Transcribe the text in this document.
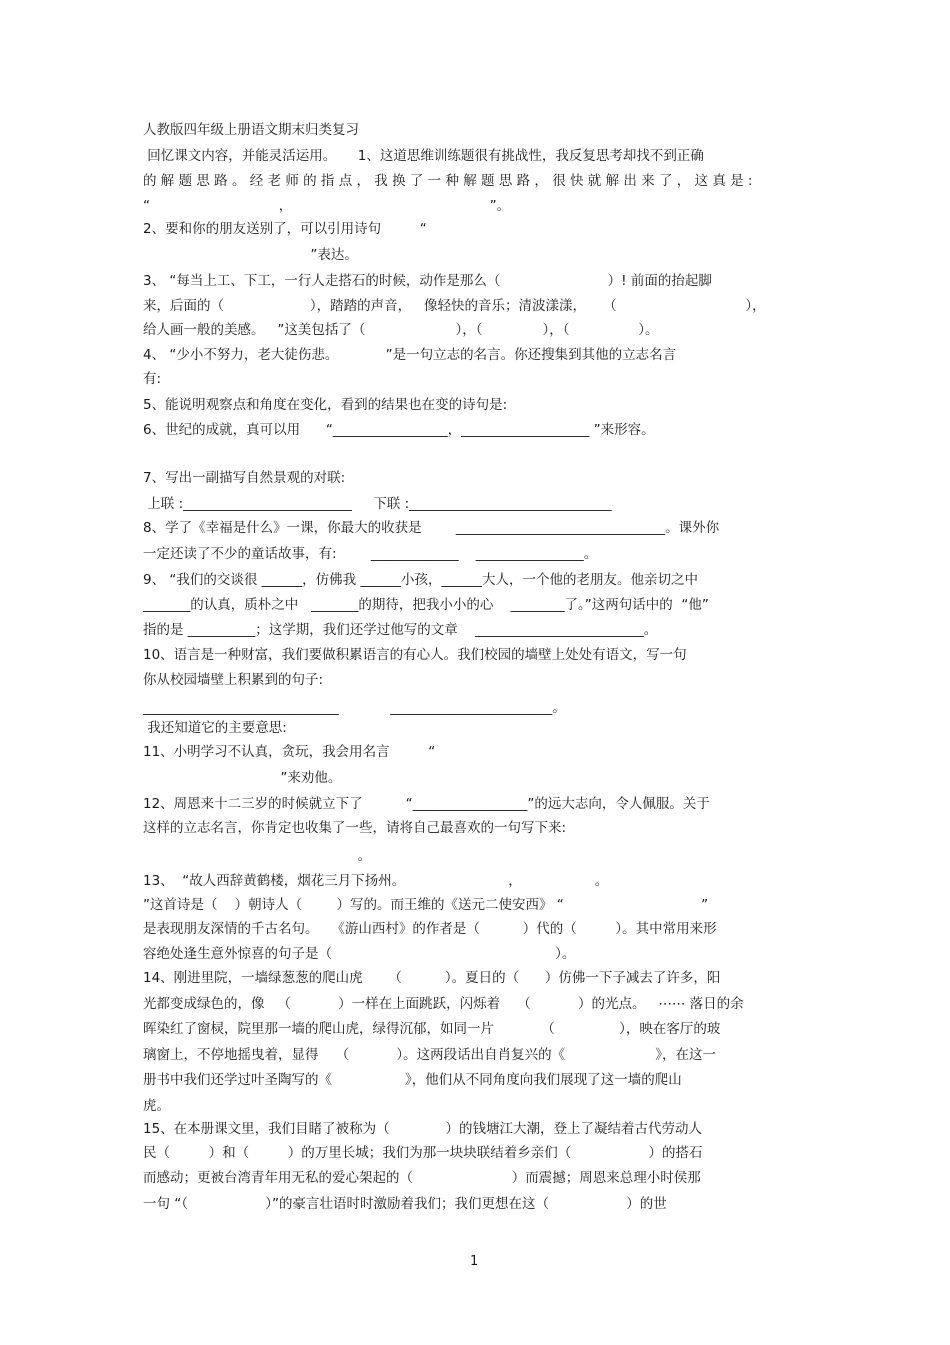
人教版四年级上册语文期末归类复习
回忆课文内容，并能灵活运用。     1、这道思维训练题很有挑战性，我反复思考却找不到正确
的 解 题 思 路 。 经 老 师 的 指 点 ， 我 换 了 一 种 解 题 思 路 ， 很 快 就 解 出 来 了 ， 这 真 是 :
“                              ，                                              ”。
2、要和你的朋友送别了，可以引用诗句         “
”表达。
3、 “每当上工、下工，一行人走搭石的时候，动作是那么（                         ）! 前面的抬起脚
来，后面的（                    ），踏踏的声音，   像轻快的音乐；清波漾漾，    （                              ），
给人画一般的美感。   ”这美包括了（                     ），（              ），（                ）。
4、 “少小不努力，老大徒伤悲。           ”是一句立志的名言。你还搜集到其他的立志名言
有:
5、能说明观察点和角度在变化，看到的结果也在变的诗句是:
6、世纪的成就，真可以用      “_________________，___________________ ”来形容。
7、写出一副描写自然景观的对联:
上联 :_________________________     下联 :______________________________
8、学了《幸福是什么》一课，你最大的收获是        _______________________________。课外你
一定还读了不少的童话故事，有:        _____________    ________________。
9、 “我们的交谈很 ______，仿佛我 ______小孩，______大人，一个他的老朋友。他亲切之中
_______的认真，质朴之中   _______的期待，把我小小的心    ________了。”这两句话中的  “他”
指的是 __________；这学期，我们还学过他写的文章    _________________________。
10、语言是一种财富，我们要做积累语言的有心人。我们校园的墙壁上处处有语文，写一句
你从校园墙壁上积累到的句子:
_____________________________            ________________________。
我还知道它的主要意思:
11、小明学习不认真，贪玩，我会用名言         “
”来劝他。
12、周恩来十二三岁的时候就立下了          “_________________”的远大志向，令人佩服。关于
这样的立志名言，你肯定也收集了一些，请将自己最喜欢的一句写下来:
。
13、  “故人西辞黄鹤楼，烟花三月下扬州。                        ，                 。
”这首诗是（    ）朝诗人（        ）写的。而王维的《送元二使安西》 “                                ”
是表现朋友深情的千古名句。   《游山西村》的作者是（          ）代的（         ）。其中常用来形
容绝处逢生意外惊喜的句子是（                                                    ）。
14、刚进里院，一墙绿葱葱的爬山虎      （          ）。夏日的（      ）仿佛一下子减去了许多，阳
光都变成绿色的，像   （           ）一样在上面跳跃，闪烁着    （           ）的光点。   ⋯⋯ 落日的余
晖染红了窗棂，院里那一墙的爬山虎，绿得沉郁，如同一片           （               ），映在客厅的玻
璃窗上，不停地摇曳着，显得    （           ）。这两段话出自肖复兴的《                     》，在这一
册书中我们还学过叶圣陶写的《                 》，他们从不同角度向我们展现了这一墙的爬山
虎。
15、在本册课文里，我们目睹了被称为（             ）的钱塘江大潮，登上了凝结着古代劳动人
民（         ）和（         ）的万里长城；我们为那一块块联结着乡亲们（                  ）的搭石
而感动；更被台湾青年用无私的爱心架起的（                       ）而震撼；周恩来总理小时侯那
一句 “（                  ）”的豪言壮语时时激励着我们；我们更想在这（                  ）的世
1
